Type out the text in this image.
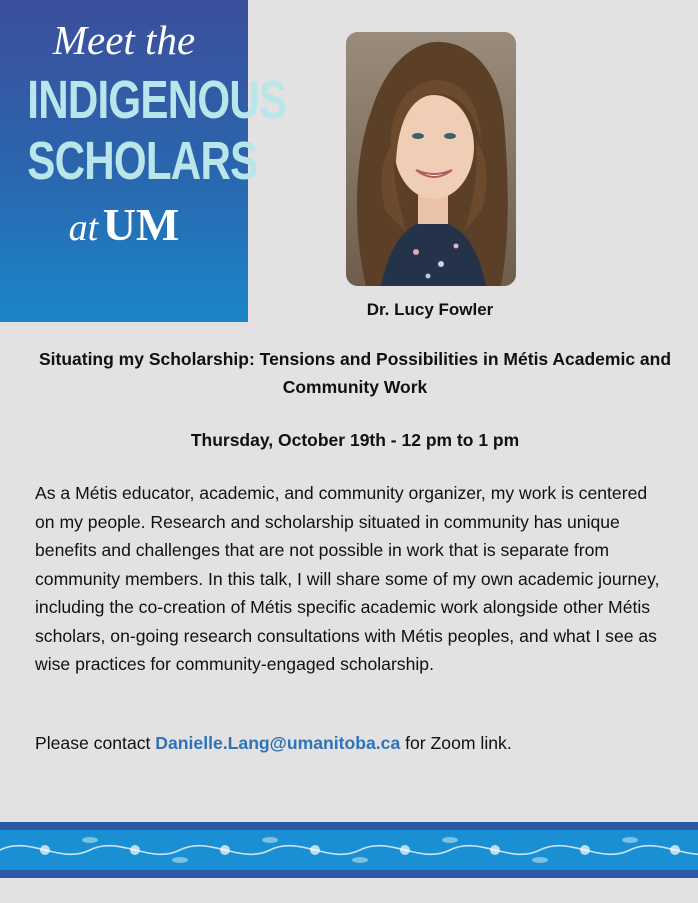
Meet the
INDIGENOUS
SCHOLARS
at UM
Dr. Lucy Fowler
Situating my Scholarship: Tensions and Possibilities in Métis Academic and Community Work
Thursday, October 19th - 12 pm to 1 pm
As a Métis educator, academic, and community organizer, my work is centered on my people. Research and scholarship situated in community has unique benefits and challenges that are not possible in work that is separate from community members. In this talk, I will share some of my own academic journey, including the co-creation of Métis specific academic work alongside other Métis scholars, on-going research consultations with Métis peoples, and what I see as wise practices for community-engaged scholarship.
Please contact Danielle.Lang@umanitoba.ca for Zoom link.
